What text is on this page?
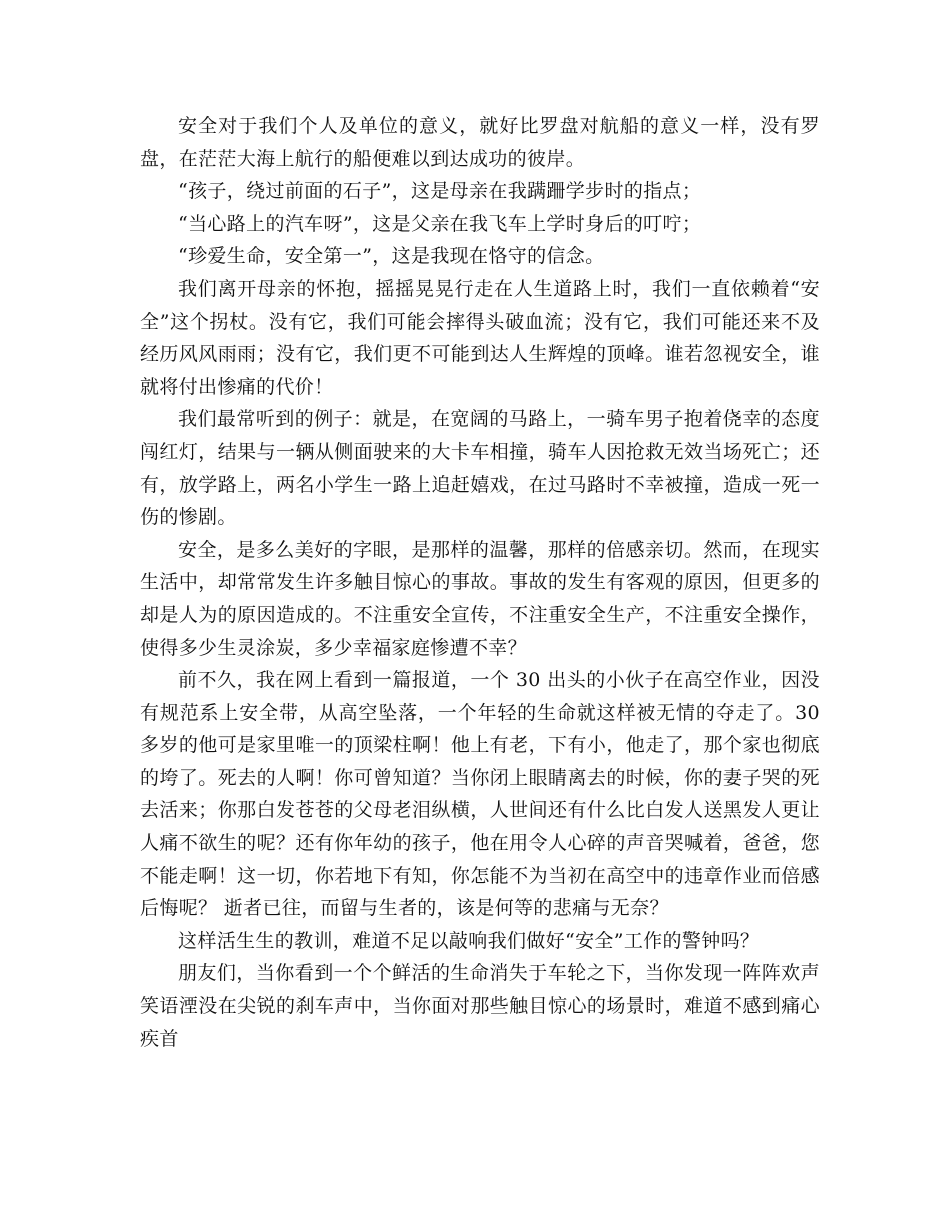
安全对于我们个人及单位的意义，就好比罗盘对航船的意义一样，没有罗盘，在茫茫大海上航行的船便难以到达成功的彼岸。

“孩子，绕过前面的石子”，这是母亲在我蹒跚学步时的指点；

“当心路上的汽车呀”，这是父亲在我飞车上学时身后的叮咛；

“珍爱生命，安全第一”，这是我现在恪守的信念。

我们离开母亲的怀抱，摇摇晃晃行走在人生道路上时，我们一直依赖着“安全”这个拐杖。没有它，我们可能会摔得头破血流；没有它，我们可能还来不及经历风风雨雨；没有它，我们更不可能到达人生辉煌的顶峰。谁若忽视安全，谁就将付出惨痛的代价！

我们最常听到的例子：就是，在宽阔的马路上，一骑车男子抱着侥幸的态度闯红灯，结果与一辆从侧面驶来的大卡车相撞，骑车人因抢救无效当场死亡；还有，放学路上，两名小学生一路上追赶嬉戏，在过马路时不幸被撞，造成一死一伤的惨剧。

安全，是多么美好的字眼，是那样的温馨，那样的倍感亲切。然而，在现实生活中，却常常发生许多触目惊心的事故。事故的发生有客观的原因，但更多的却是人为的原因造成的。不注重安全宣传，不注重安全生产，不注重安全操作，使得多少生灵涂炭，多少幸福家庭惨遭不幸？

前不久，我在网上看到一篇报道，一个 30 出头的小伙子在高空作业，因没有规范系上安全带，从高空坠落，一个年轻的生命就这样被无情的夺走了。30 多岁的他可是家里唯一的顶梁柱啊！他上有老，下有小，他走了，那个家也彻底的垮了。死去的人啊！你可曾知道？当你闭上眼睛离去的时候，你的妻子哭的死去活来；你那白发苍苍的父母老泪纵横，人世间还有什么比白发人送黑发人更让人痛不欲生的呢？还有你年幼的孩子，他在用令人心碎的声音哭喊着，爸爸，您不能走啊！这一切，你若地下有知，你怎能不为当初在高空中的违章作业而倍感后悔呢？ 逝者已往，而留与生者的，该是何等的悲痛与无奈？

这样活生生的教训，难道不足以敲响我们做好“安全”工作的警钟吗？

朋友们，当你看到一个个鲜活的生命消失于车轮之下，当你发现一阵阵欢声笑语湮没在尖锐的刹车声中，当你面对那些触目惊心的场景时，难道不感到痛心疾首
